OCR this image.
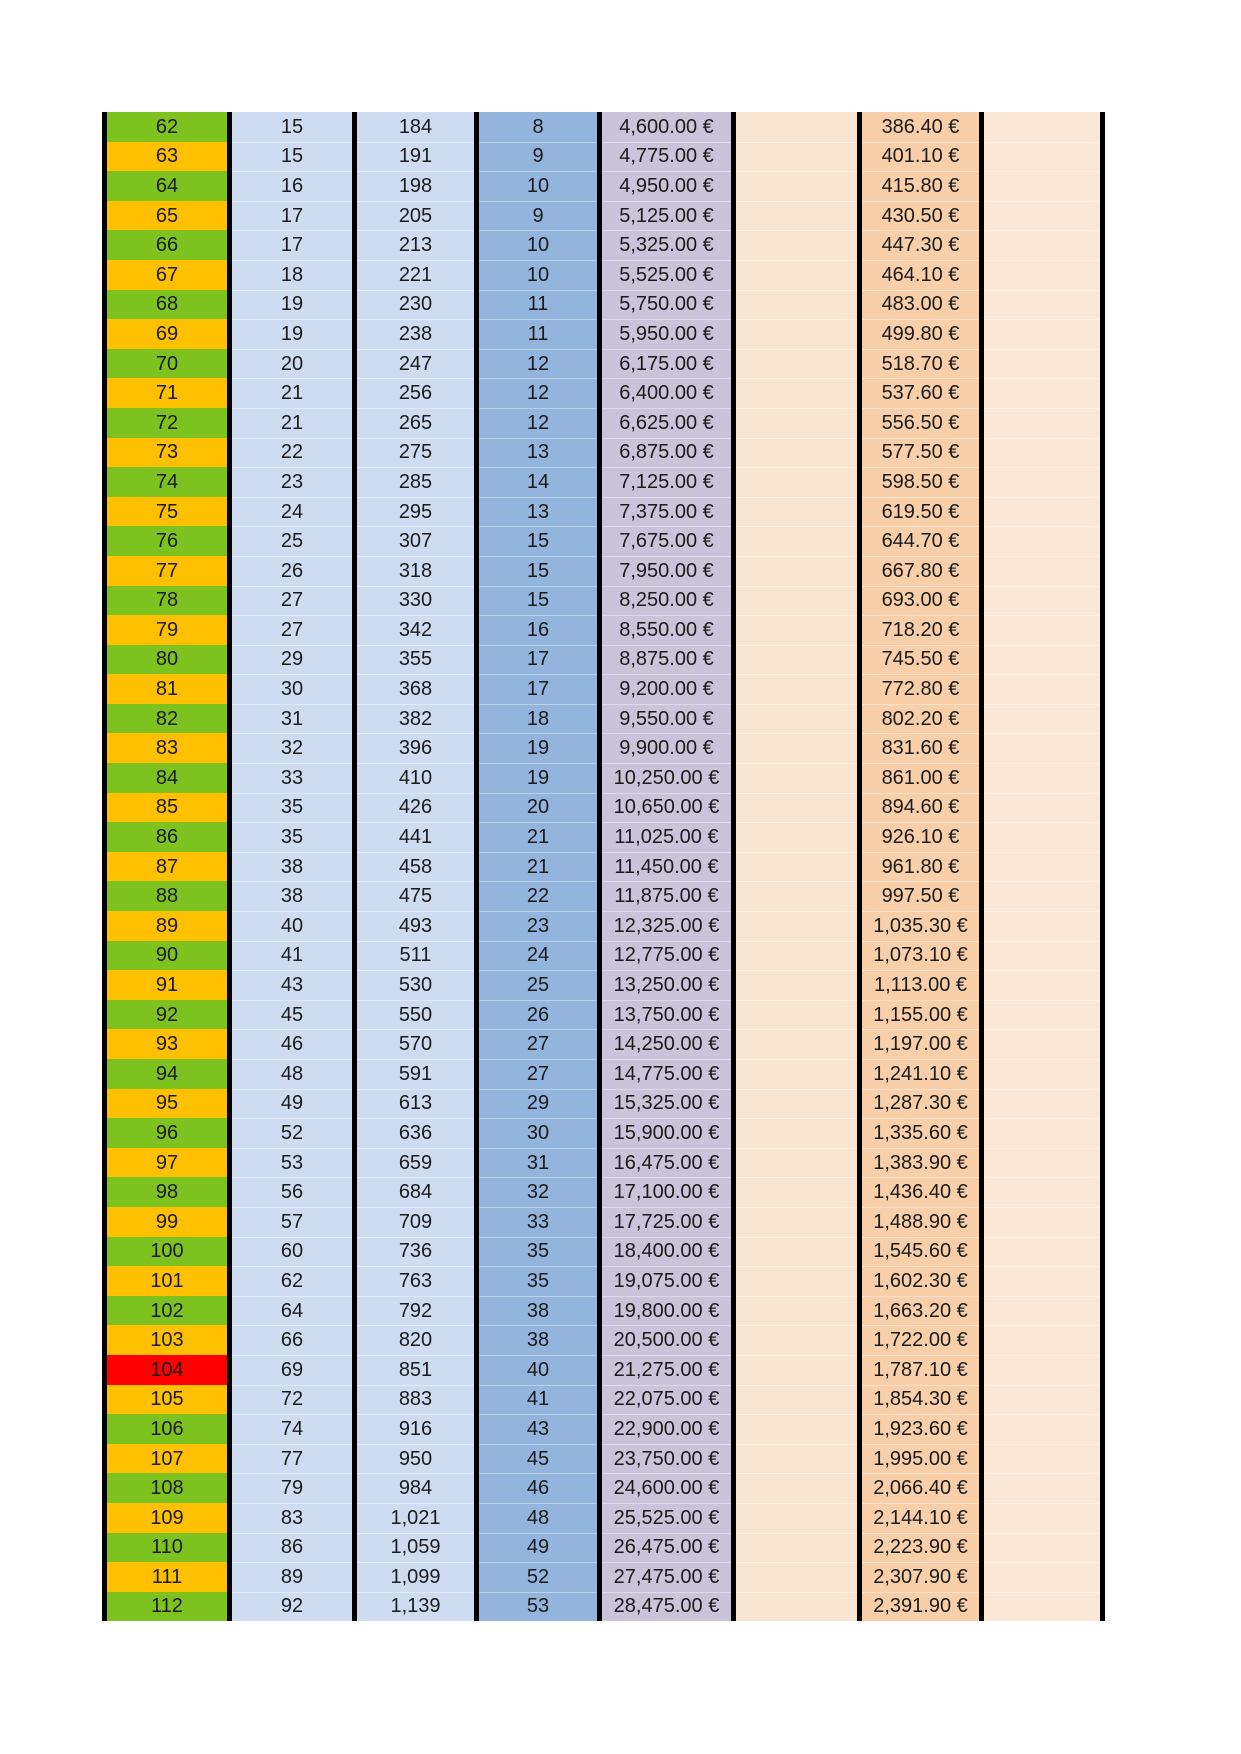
62	15	184	8	4,600.00 €	386.40 €
63	15	191	9	4,775.00 €	401.10 €
64	16	198	10	4,950.00 €	415.80 €
65	17	205	9	5,125.00 €	430.50 €
66	17	213	10	5,325.00 €	447.30 €
67	18	221	10	5,525.00 €	464.10 €
68	19	230	11	5,750.00 €	483.00 €
69	19	238	11	5,950.00 €	499.80 €
70	20	247	12	6,175.00 €	518.70 €
71	21	256	12	6,400.00 €	537.60 €
72	21	265	12	6,625.00 €	556.50 €
73	22	275	13	6,875.00 €	577.50 €
74	23	285	14	7,125.00 €	598.50 €
75	24	295	13	7,375.00 €	619.50 €
76	25	307	15	7,675.00 €	644.70 €
77	26	318	15	7,950.00 €	667.80 €
78	27	330	15	8,250.00 €	693.00 €
79	27	342	16	8,550.00 €	718.20 €
80	29	355	17	8,875.00 €	745.50 €
81	30	368	17	9,200.00 €	772.80 €
82	31	382	18	9,550.00 €	802.20 €
83	32	396	19	9,900.00 €	831.60 €
84	33	410	19	10,250.00 €	861.00 €
85	35	426	20	10,650.00 €	894.60 €
86	35	441	21	11,025.00 €	926.10 €
87	38	458	21	11,450.00 €	961.80 €
88	38	475	22	11,875.00 €	997.50 €
89	40	493	23	12,325.00 €	1,035.30 €
90	41	511	24	12,775.00 €	1,073.10 €
91	43	530	25	13,250.00 €	1,113.00 €
92	45	550	26	13,750.00 €	1,155.00 €
93	46	570	27	14,250.00 €	1,197.00 €
94	48	591	27	14,775.00 €	1,241.10 €
95	49	613	29	15,325.00 €	1,287.30 €
96	52	636	30	15,900.00 €	1,335.60 €
97	53	659	31	16,475.00 €	1,383.90 €
98	56	684	32	17,100.00 €	1,436.40 €
99	57	709	33	17,725.00 €	1,488.90 €
100	60	736	35	18,400.00 €	1,545.60 €
101	62	763	35	19,075.00 €	1,602.30 €
102	64	792	38	19,800.00 €	1,663.20 €
103	66	820	38	20,500.00 €	1,722.00 €
104	69	851	40	21,275.00 €	1,787.10 €
105	72	883	41	22,075.00 €	1,854.30 €
106	74	916	43	22,900.00 €	1,923.60 €
107	77	950	45	23,750.00 €	1,995.00 €
108	79	984	46	24,600.00 €	2,066.40 €
109	83	1,021	48	25,525.00 €	2,144.10 €
110	86	1,059	49	26,475.00 €	2,223.90 €
111	89	1,099	52	27,475.00 €	2,307.90 €
112	92	1,139	53	28,475.00 €	2,391.90 €
